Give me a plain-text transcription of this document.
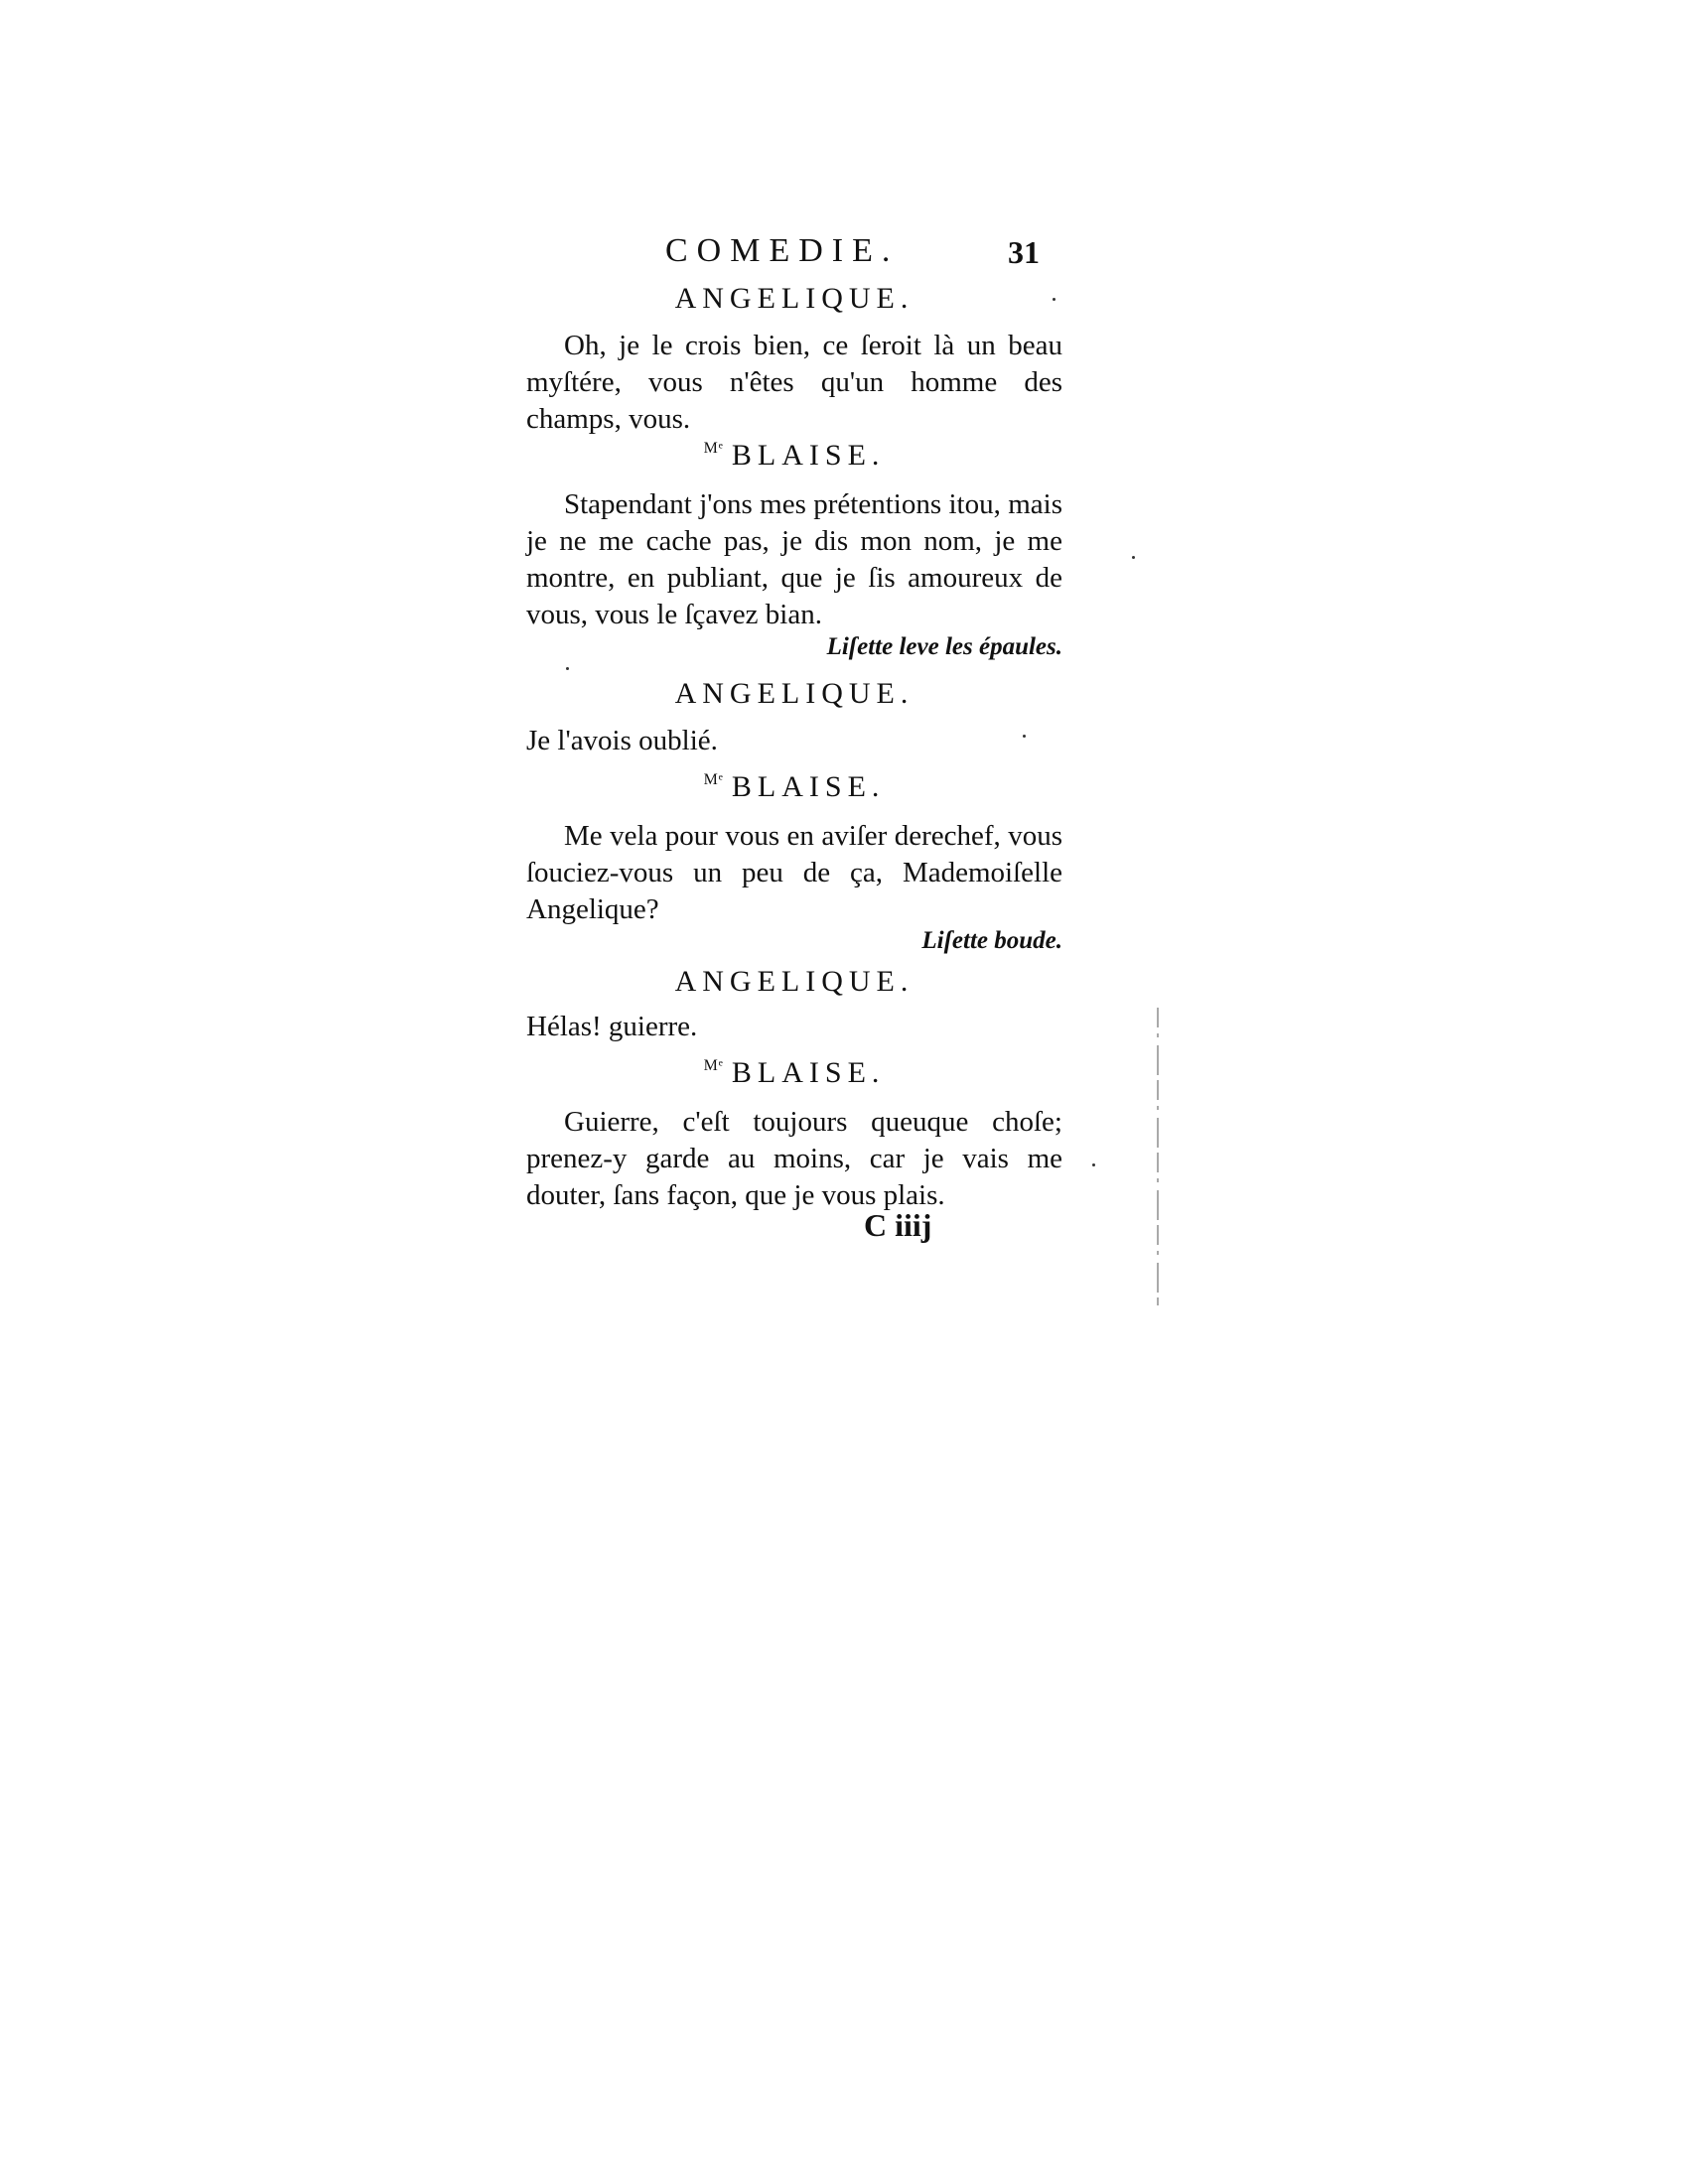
COMEDIE.	31
ANGELIQUE.
Oh, je le crois bien, ce ſeroit là un beau myſtére, vous n'êtes qu'un homme des champs, vous.
$^{Mᵉ}$ BLAISE.
Stapendant j'ons mes prétentions itou, mais je ne me cache pas, je dis mon nom, je me montre, en publiant, que je ſis amoureux de vous, vous le ſçavez bian.
Liſette leve les épaules.
ANGELIQUE.
Je l'avois oublié.
$^{Mᵉ}$ BLAISE.
Me vela pour vous en aviſer derechef, vous ſouciez-vous un peu de ça, Mademoiſelle Angelique?
Liſette boude.
ANGELIQUE.
Hélas! guierre.
$^{Mᵉ}$ BLAISE.
Guierre, c'eſt toujours queuque choſe; prenez-y garde au moins, car je vais me douter, ſans façon, que je vous plais.
C iiij
